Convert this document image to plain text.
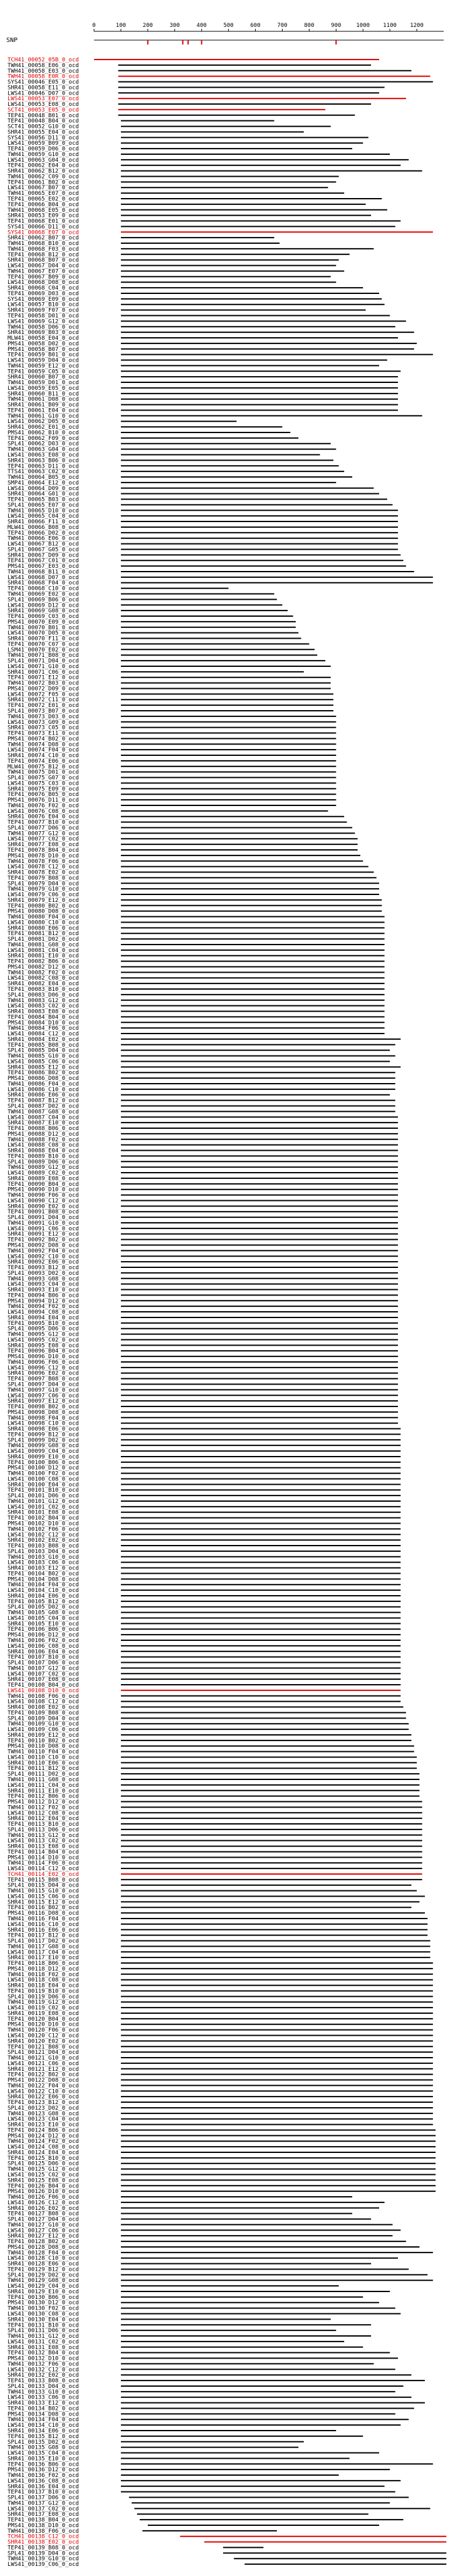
0	100	200	300	400	500	600	700	800	900	1000 1100 1200
SNP
TCH41_00052_05B_0_ocd
TWH41_00058_E06_0_ocd
TWH41_00058_E03_0_ocd
TWH41_00058_E0R_0_ocd
SYS41_00046_E05_0_ocd
SHR41_00058_E11_0_ocd
LWS41_00046_D07_0_ocd
LWS41_00053_E07_0_ocd
LWS41_00053_E08_0_ocd
SCT41_00053_E05_0_ocd
TEP41_00048_B01_0_ocd
TEP41_00048_B04_0_ocd
SCT41_00052_G10_0_ocd
SHR41_00055_E04_0_ocd
SYS41_00056_D11_0_ocd
LWS41_00059_B09_0_ocd
TEP41_00059_D06_0_ocd
TWH41_00059_G10_0_ocd
LWS41_00063_G04_0_ocd
TEP41_00062_E04_0_ocd
SHR41_00062_B12_0_ocd
TWH41_00062_C09_0_ocd
TEP41_00061_B02_0_ocd
LWS41_00067_B07_0_ocd
TWH41_00065_E07_0_ocd
TEP41_00065_E02_0_ocd
TEP41_00066_B04_0_ocd
TWH41_00068_E05_0_ocd
SHR41_00053_E09_0_ocd
TEP41_00068_E01_0_ocd
SYS41_00066_D11_0_ocd
SYS41_00068_E07_0_ocd
SHR41_00062_B07_0_ocd
TWH41_00068_B10_0_ocd
TWH41_00068_F03_0_ocd
TEP41_00068_B12_0_ocd
SHR41_00068_B07_0_ocd
LWS41_00067_D04_0_ocd
TWH41_00067_E07_0_ocd
TEP41_00067_B09_0_ocd
LWS41_00068_D08_0_ocd
SHR41_00068_C04_0_ocd
TEP41_00069_D03_0_ocd
SYS41_00069_E09_0_ocd
LWS41_00057_B10_0_ocd
SHR41_00069_F07_0_ocd
TEP41_00058_D01_0_ocd
LWS41_00069_G12_0_ocd
TWH41_00058_D06_0_ocd
SHR41_00069_B03_0_ocd
MLW41_00058_E04_0_ocd
PMS41_00058_D02_0_ocd
PMS41_00058_B07_0_ocd
TEP41_00059_B01_0_ocd
LWS41_00059_D04_0_ocd
TWH41_00059_E12_0_ocd
TEP41_00059_C05_0_ocd
SHR41_00060_B07_0_ocd
TWH41_00059_D01_0_ocd
LWS41_00059_E05_0_ocd
SHR41_00060_B11_0_ocd
TWH41_00061_D08_0_ocd
SHR41_00061_B09_0_ocd
TEP41_00061_E04_0_ocd
TWH41_00061_G10_0_ocd
LWS41_00062_D05_0_ocd
SHR41_00062_E01_0_ocd
PMS41_00062_B10_0_ocd
TEP41_00062_F09_0_ocd
SPL41_00062_D03_0_ocd
TWH41_00063_G04_0_ocd
LWS41_00063_E08_0_ocd
SHR41_00063_B06_0_ocd
TEP41_00063_D11_0_ocd
TTS41_00063_C02_0_ocd
TWH41_00064_B05_0_ocd
SMP41_00064_E12_0_ocd
LWS41_00064_D09_0_ocd
SHR41_00064_G01_0_ocd
TEP41_00065_B03_0_ocd
SPL41_00065_E07_0_ocd
TWH41_00065_D10_0_ocd
LWS41_00065_C04_0_ocd
SHR41_00066_F11_0_ocd
MLW41_00066_B08_0_ocd
TEP41_00066_D02_0_ocd
TWH41_00066_E06_0_ocd
LWS41_00067_B12_0_ocd
SPL41_00067_G05_0_ocd
SHR41_00067_D09_0_ocd
TEP41_00067_C01_0_ocd
PMS41_00067_E03_0_ocd
TWH41_00068_B11_0_ocd
LWS41_00068_D07_0_ocd
SHR41_00068_F04_0_ocd
TEP41_00068_C10_0_ocd
TWH41_00069_E02_0_ocd
SPL41_00069_B06_0_ocd
LWS41_00069_D12_0_ocd
SHR41_00069_G08_0_ocd
TEP41_00069_C03_0_ocd
PMS41_00070_E09_0_ocd
TWH41_00070_B01_0_ocd
LWS41_00070_D05_0_ocd
SHR41_00070_F11_0_ocd
TEP41_00070_C07_0_ocd
LSM41_00070_E02_0_ocd
TWH41_00071_B08_0_ocd
SPL41_00071_D04_0_ocd
LWS41_00071_G10_0_ocd
SHR41_00071_C06_0_ocd
TEP41_00071_E12_0_ocd
TWH41_00072_B03_0_ocd
PMS41_00072_D09_0_ocd
LWS41_00072_F05_0_ocd
SHR41_00072_C11_0_ocd
TEP41_00072_E01_0_ocd
SPL41_00073_B07_0_ocd
TWH41_00073_D03_0_ocd
LWS41_00073_G09_0_ocd
SHR41_00073_C05_0_ocd
TEP41_00073_E11_0_ocd
PMS41_00074_B02_0_ocd
TWH41_00074_D08_0_ocd
LWS41_00074_F04_0_ocd
SHR41_00074_C10_0_ocd
TEP41_00074_E06_0_ocd
MLW41_00075_B12_0_ocd
TWH41_00075_D01_0_ocd
SPL41_00075_G07_0_ocd
LWS41_00075_C03_0_ocd
SHR41_00075_E09_0_ocd
TEP41_00076_B05_0_ocd
PMS41_00076_D11_0_ocd
TWH41_00076_F02_0_ocd
LWS41_00076_C08_0_ocd
SHR41_00076_E04_0_ocd
TEP41_00077_B10_0_ocd
SPL41_00077_D06_0_ocd
TWH41_00077_G12_0_ocd
LWS41_00077_C02_0_ocd
SHR41_00077_E08_0_ocd
TEP41_00078_B04_0_ocd
PMS41_00078_D10_0_ocd
TWH41_00078_F06_0_ocd
LWS41_00078_C12_0_ocd
SHR41_00078_E02_0_ocd
TEP41_00079_B08_0_ocd
SPL41_00079_D04_0_ocd
TWH41_00079_G10_0_ocd
LWS41_00079_C06_0_ocd
SHR41_00079_E12_0_ocd
TEP41_00080_B02_0_ocd
PMS41_00080_D08_0_ocd
TWH41_00080_F04_0_ocd
LWS41_00080_C10_0_ocd
SHR41_00080_E06_0_ocd
TEP41_00081_B12_0_ocd
SPL41_00081_D02_0_ocd
TWH41_00081_G08_0_ocd
LWS41_00081_C04_0_ocd
SHR41_00081_E10_0_ocd
TEP41_00082_B06_0_ocd
PMS41_00082_D12_0_ocd
TWH41_00082_F02_0_ocd
LWS41_00082_C08_0_ocd
SHR41_00082_E04_0_ocd
TEP41_00083_B10_0_ocd
SPL41_00083_D06_0_ocd
TWH41_00083_G12_0_ocd
LWS41_00083_C02_0_ocd
SHR41_00083_E08_0_ocd
TEP41_00084_B04_0_ocd
PMS41_00084_D10_0_ocd
TWH41_00084_F06_0_ocd
LWS41_00084_C12_0_ocd
SHR41_00084_E02_0_ocd
TEP41_00085_B08_0_ocd
SPL41_00085_D04_0_ocd
TWH41_00085_G10_0_ocd
LWS41_00085_C06_0_ocd
SHR41_00085_E12_0_ocd
TEP41_00086_B02_0_ocd
PMS41_00086_D08_0_ocd
TWH41_00086_F04_0_ocd
LWS41_00086_C10_0_ocd
SHR41_00086_E06_0_ocd
TEP41_00087_B12_0_ocd
SPL41_00087_D02_0_ocd
TWH41_00087_G08_0_ocd
LWS41_00087_C04_0_ocd
SHR41_00087_E10_0_ocd
TEP41_00088_B06_0_ocd
PMS41_00088_D12_0_ocd
TWH41_00088_F02_0_ocd
LWS41_00088_C08_0_ocd
SHR41_00088_E04_0_ocd
TEP41_00089_B10_0_ocd
SPL41_00089_D06_0_ocd
TWH41_00089_G12_0_ocd
LWS41_00089_C02_0_ocd
SHR41_00089_E08_0_ocd
TEP41_00090_B04_0_ocd
PMS41_00090_D10_0_ocd
TWH41_00090_F06_0_ocd
LWS41_00090_C12_0_ocd
SHR41_00090_E02_0_ocd
TEP41_00091_B08_0_ocd
SPL41_00091_D04_0_ocd
TWH41_00091_G10_0_ocd
LWS41_00091_C06_0_ocd
SHR41_00091_E12_0_ocd
TEP41_00092_B02_0_ocd
PMS41_00092_D08_0_ocd
TWH41_00092_F04_0_ocd
LWS41_00092_C10_0_ocd
SHR41_00092_E06_0_ocd
TEP41_00093_B12_0_ocd
SPL41_00093_D02_0_ocd
TWH41_00093_G08_0_ocd
LWS41_00093_C04_0_ocd
SHR41_00093_E10_0_ocd
TEP41_00094_B06_0_ocd
PMS41_00094_D12_0_ocd
TWH41_00094_F02_0_ocd
LWS41_00094_C08_0_ocd
SHR41_00094_E04_0_ocd
TEP41_00095_B10_0_ocd
SPL41_00095_D06_0_ocd
TWH41_00095_G12_0_ocd
LWS41_00095_C02_0_ocd
SHR41_00095_E08_0_ocd
TEP41_00096_B04_0_ocd
PMS41_00096_D10_0_ocd
TWH41_00096_F06_0_ocd
LWS41_00096_C12_0_ocd
SHR41_00096_E02_0_ocd
TEP41_00097_B08_0_ocd
SPL41_00097_D04_0_ocd
TWH41_00097_G10_0_ocd
LWS41_00097_C06_0_ocd
SHR41_00097_E12_0_ocd
TEP41_00098_B02_0_ocd
PMS41_00098_D08_0_ocd
TWH41_00098_F04_0_ocd
LWS41_00098_C10_0_ocd
SHR41_00098_E06_0_ocd
TEP41_00099_B12_0_ocd
SPL41_00099_D02_0_ocd
TWH41_00099_G08_0_ocd
LWS41_00099_C04_0_ocd
SHR41_00099_E10_0_ocd
TEP41_00100_B06_0_ocd
PMS41_00100_D12_0_ocd
TWH41_00100_F02_0_ocd
LWS41_00100_C08_0_ocd
SHR41_00100_E04_0_ocd
TEP41_00101_B10_0_ocd
SPL41_00101_D06_0_ocd
TWH41_00101_G12_0_ocd
LWS41_00101_C02_0_ocd
SHR41_00101_E08_0_ocd
TEP41_00102_B04_0_ocd
PMS41_00102_D10_0_ocd
TWH41_00102_F06_0_ocd
LWS41_00102_C12_0_ocd
SHR41_00102_E02_0_ocd
TEP41_00103_B08_0_ocd
SPL41_00103_D04_0_ocd
TWH41_00103_G10_0_ocd
LWS41_00103_C06_0_ocd
SHR41_00103_E12_0_ocd
TEP41_00104_B02_0_ocd
PMS41_00104_D08_0_ocd
TWH41_00104_F04_0_ocd
LWS41_00104_C10_0_ocd
SHR41_00104_E06_0_ocd
TEP41_00105_B12_0_ocd
SPL41_00105_D02_0_ocd
TWH41_00105_G08_0_ocd
LWS41_00105_C04_0_ocd
SHR41_00105_E10_0_ocd
TEP41_00106_B06_0_ocd
PMS41_00106_D12_0_ocd
TWH41_00106_F02_0_ocd
LWS41_00106_C08_0_ocd
SHR41_00106_E04_0_ocd
TEP41_00107_B10_0_ocd
SPL41_00107_D06_0_ocd
TWH41_00107_G12_0_ocd
LWS41_00107_C02_0_ocd
SHR41_00107_E08_0_ocd
TEP41_00108_B04_0_ocd
LWS41_00108_D10_0_ocd
TWH41_00108_F06_0_ocd
LWS41_00108_C12_0_ocd
SHR41_00108_E02_0_ocd
TEP41_00109_B08_0_ocd
SPL41_00109_D04_0_ocd
TWH41_00109_G10_0_ocd
LWS41_00109_C06_0_ocd
SHR41_00109_E12_0_ocd
TEP41_00110_B02_0_ocd
PMS41_00110_D08_0_ocd
TWH41_00110_F04_0_ocd
LWS41_00110_C10_0_ocd
SHR41_00110_E06_0_ocd
TEP41_00111_B12_0_ocd
SPL41_00111_D02_0_ocd
TWH41_00111_G08_0_ocd
LWS41_00111_C04_0_ocd
SHR41_00111_E10_0_ocd
TEP41_00112_B06_0_ocd
PMS41_00112_D12_0_ocd
TWH41_00112_F02_0_ocd
LWS41_00112_C08_0_ocd
SHR41_00112_E04_0_ocd
TEP41_00113_B10_0_ocd
SPL41_00113_D06_0_ocd
TWH41_00113_G12_0_ocd
LWS41_00113_C02_0_ocd
SHR41_00113_E08_0_ocd
TEP41_00114_B04_0_ocd
PMS41_00114_D10_0_ocd
TWH41_00114_F06_0_ocd
LWS41_00114_C12_0_ocd
TCH41_00114_E02_0_ocd
TEP41_00115_B08_0_ocd
SPL41_00115_D04_0_ocd
TWH41_00115_G10_0_ocd
LWS41_00115_C06_0_ocd
SHR41_00115_E12_0_ocd
TEP41_00116_B02_0_ocd
PMS41_00116_D08_0_ocd
TWH41_00116_F04_0_ocd
LWS41_00116_C10_0_ocd
SHR41_00116_E06_0_ocd
TEP41_00117_B12_0_ocd
SPL41_00117_D02_0_ocd
TWH41_00117_G08_0_ocd
LWS41_00117_C04_0_ocd
SHR41_00117_E10_0_ocd
TEP41_00118_B06_0_ocd
PMS41_00118_D12_0_ocd
TWH41_00118_F02_0_ocd
LWS41_00118_C08_0_ocd
SHR41_00118_E04_0_ocd
TEP41_00119_B10_0_ocd
SPL41_00119_D06_0_ocd
TWH41_00119_G12_0_ocd
LWS41_00119_C02_0_ocd
SHR41_00119_E08_0_ocd
TEP41_00120_B04_0_ocd
PMS41_00120_D10_0_ocd
TWH41_00120_F06_0_ocd
LWS41_00120_C12_0_ocd
SHR41_00120_E02_0_ocd
TEP41_00121_B08_0_ocd
SPL41_00121_D04_0_ocd
TWH41_00121_G10_0_ocd
LWS41_00121_C06_0_ocd
SHR41_00121_E12_0_ocd
TEP41_00122_B02_0_ocd
PMS41_00122_D08_0_ocd
TWH41_00122_F04_0_ocd
LWS41_00122_C10_0_ocd
SHR41_00122_E06_0_ocd
TEP41_00123_B12_0_ocd
SPL41_00123_D02_0_ocd
TWH41_00123_G08_0_ocd
LWS41_00123_C04_0_ocd
SHR41_00123_E10_0_ocd
TEP41_00124_B06_0_ocd
PMS41_00124_D12_0_ocd
TWH41_00124_F02_0_ocd
LWS41_00124_C08_0_ocd
SHR41_00124_E04_0_ocd
TEP41_00125_B10_0_ocd
SPL41_00125_D06_0_ocd
TWH41_00125_G12_0_ocd
LWS41_00125_C02_0_ocd
SHR41_00125_E08_0_ocd
TEP41_00126_B04_0_ocd
PMS41_00126_D10_0_ocd
TWH41_00126_F06_0_ocd
LWS41_00126_C12_0_ocd
SHR41_00126_E02_0_ocd
TEP41_00127_B08_0_ocd
SPL41_00127_D04_0_ocd
TWH41_00127_G10_0_ocd
LWS41_00127_C06_0_ocd
SHR41_00127_E12_0_ocd
TEP41_00128_B02_0_ocd
PMS41_00128_D08_0_ocd
TWH41_00128_F04_0_ocd
LWS41_00128_C10_0_ocd
SHR41_00128_E06_0_ocd
TEP41_00129_B12_0_ocd
SPL41_00129_D02_0_ocd
TWH41_00129_G08_0_ocd
LWS41_00129_C04_0_ocd
SHR41_00129_E10_0_ocd
TEP41_00130_B06_0_ocd
PMS41_00130_D12_0_ocd
TWH41_00130_F02_0_ocd
LWS41_00130_C08_0_ocd
SHR41_00130_E04_0_ocd
TEP41_00131_B10_0_ocd
SPL41_00131_D06_0_ocd
TWH41_00131_G12_0_ocd
LWS41_00131_C02_0_ocd
SHR41_00131_E08_0_ocd
TEP41_00132_B04_0_ocd
PMS41_00132_D10_0_ocd
TWH41_00132_F06_0_ocd
LWS41_00132_C12_0_ocd
SHR41_00132_E02_0_ocd
TEP41_00133_B08_0_ocd
SPL41_00133_D04_0_ocd
TWH41_00133_G10_0_ocd
LWS41_00133_C06_0_ocd
SHR41_00133_E12_0_ocd
TEP41_00134_B02_0_ocd
PMS41_00134_D08_0_ocd
TWH41_00134_F04_0_ocd
LWS41_00134_C10_0_ocd
SHR41_00134_E06_0_ocd
TEP41_00135_B12_0_ocd
SPL41_00135_D02_0_ocd
TWH41_00135_G08_0_ocd
LWS41_00135_C04_0_ocd
SHR41_00135_E10_0_ocd
TEP41_00136_B06_0_ocd
PMS41_00136_D12_0_ocd
TWH41_00136_F02_0_ocd
LWS41_00136_C08_0_ocd
SHR41_00136_E04_0_ocd
TEP41_00137_B10_0_ocd
SPL41_00137_D06_0_ocd
TWH41_00137_G12_0_ocd
LWS41_00137_C02_0_ocd
SHR41_00137_E08_0_ocd
TEP41_00138_B04_0_ocd
PMS41_00138_D10_0_ocd
TWH41_00138_F06_0_ocd
TCH41_00138_C12_0_ocd
SHR41_00138_E02_0_ocd
TEP41_00139_B08_0_ocd
SPL41_00139_D04_0_ocd
TWH41_00139_G10_0_ocd
LWS41_00139_C06_0_ocd
